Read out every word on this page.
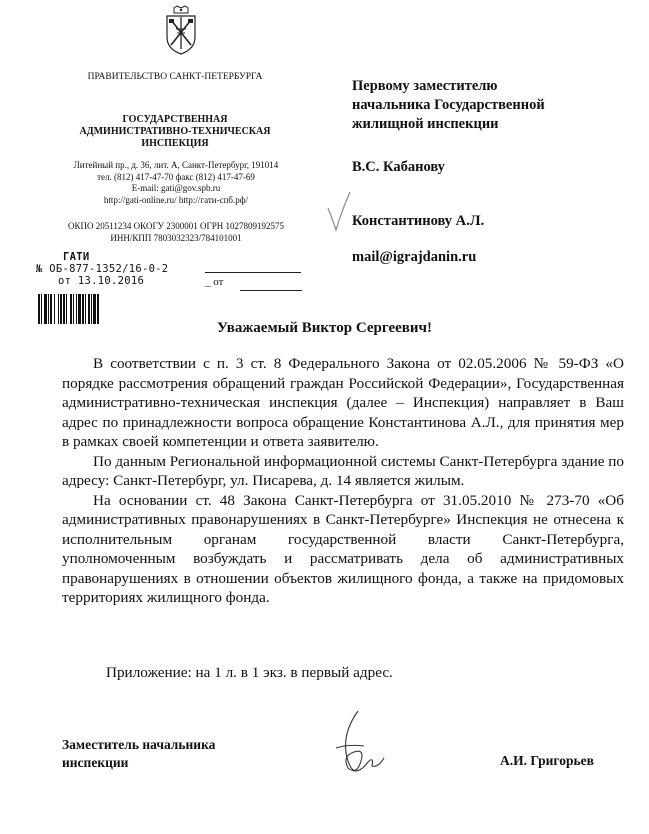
ПРАВИТЕЛЬСТВО САНКТ-ПЕТЕРБУРГА
ГОСУДАРСТВЕННАЯ
АДМИНИСТРАТИВНО-ТЕХНИЧЕСКАЯ
ИНСПЕКЦИЯ
Литейный пр., д. 36, лит. А, Санкт-Петербург, 191014
тел. (812) 417-47-70 факс (812) 417-47-69
E-mail: gati@gov.spb.ru
http://gati-online.ru/ http://гати-спб.рф/
ОКПО 20511234 ОКОГУ 2300001 ОГРН 1027809192575
ИНН/КПП 7803032323/784101001
ГАТИ
№ ОБ-877-1352/16-0-2
от 13.10.2016	_ от
Первому заместителю
начальника Государственной
жилищной инспекции
В.С. Кабанову
Константинову А.Л.
mail@igrajdanin.ru
Уважаемый Виктор Сергеевич!

В соответствии с п. 3 ст. 8 Федерального Закона от 02.05.2006 № 59-ФЗ «О порядке рассмотрения обращений граждан Российской Федерации», Государственная административно-техническая инспекция (далее – Инспекция) направляет в Ваш адрес по принадлежности вопроса обращение Константинова А.Л., для принятия мер в рамках своей компетенции и ответа заявителю.

По данным Региональной информационной системы Санкт-Петербурга здание по адресу: Санкт-Петербург, ул. Писарева, д. 14 является жилым.

На основании ст. 48 Закона Санкт-Петербурга от 31.05.2010 № 273-70 «Об административных правонарушениях в Санкт-Петербурге» Инспекция не отнесена к исполнительным органам государственной власти Санкт-Петербурга, уполномоченным возбуждать и рассматривать дела об административных правонарушениях в отношении объектов жилищного фонда, а также на придомовых территориях жилищного фонда.

Приложение: на 1 л. в 1 экз. в первый адрес.
Заместитель начальника
инспекции	А.И. Григорьев
